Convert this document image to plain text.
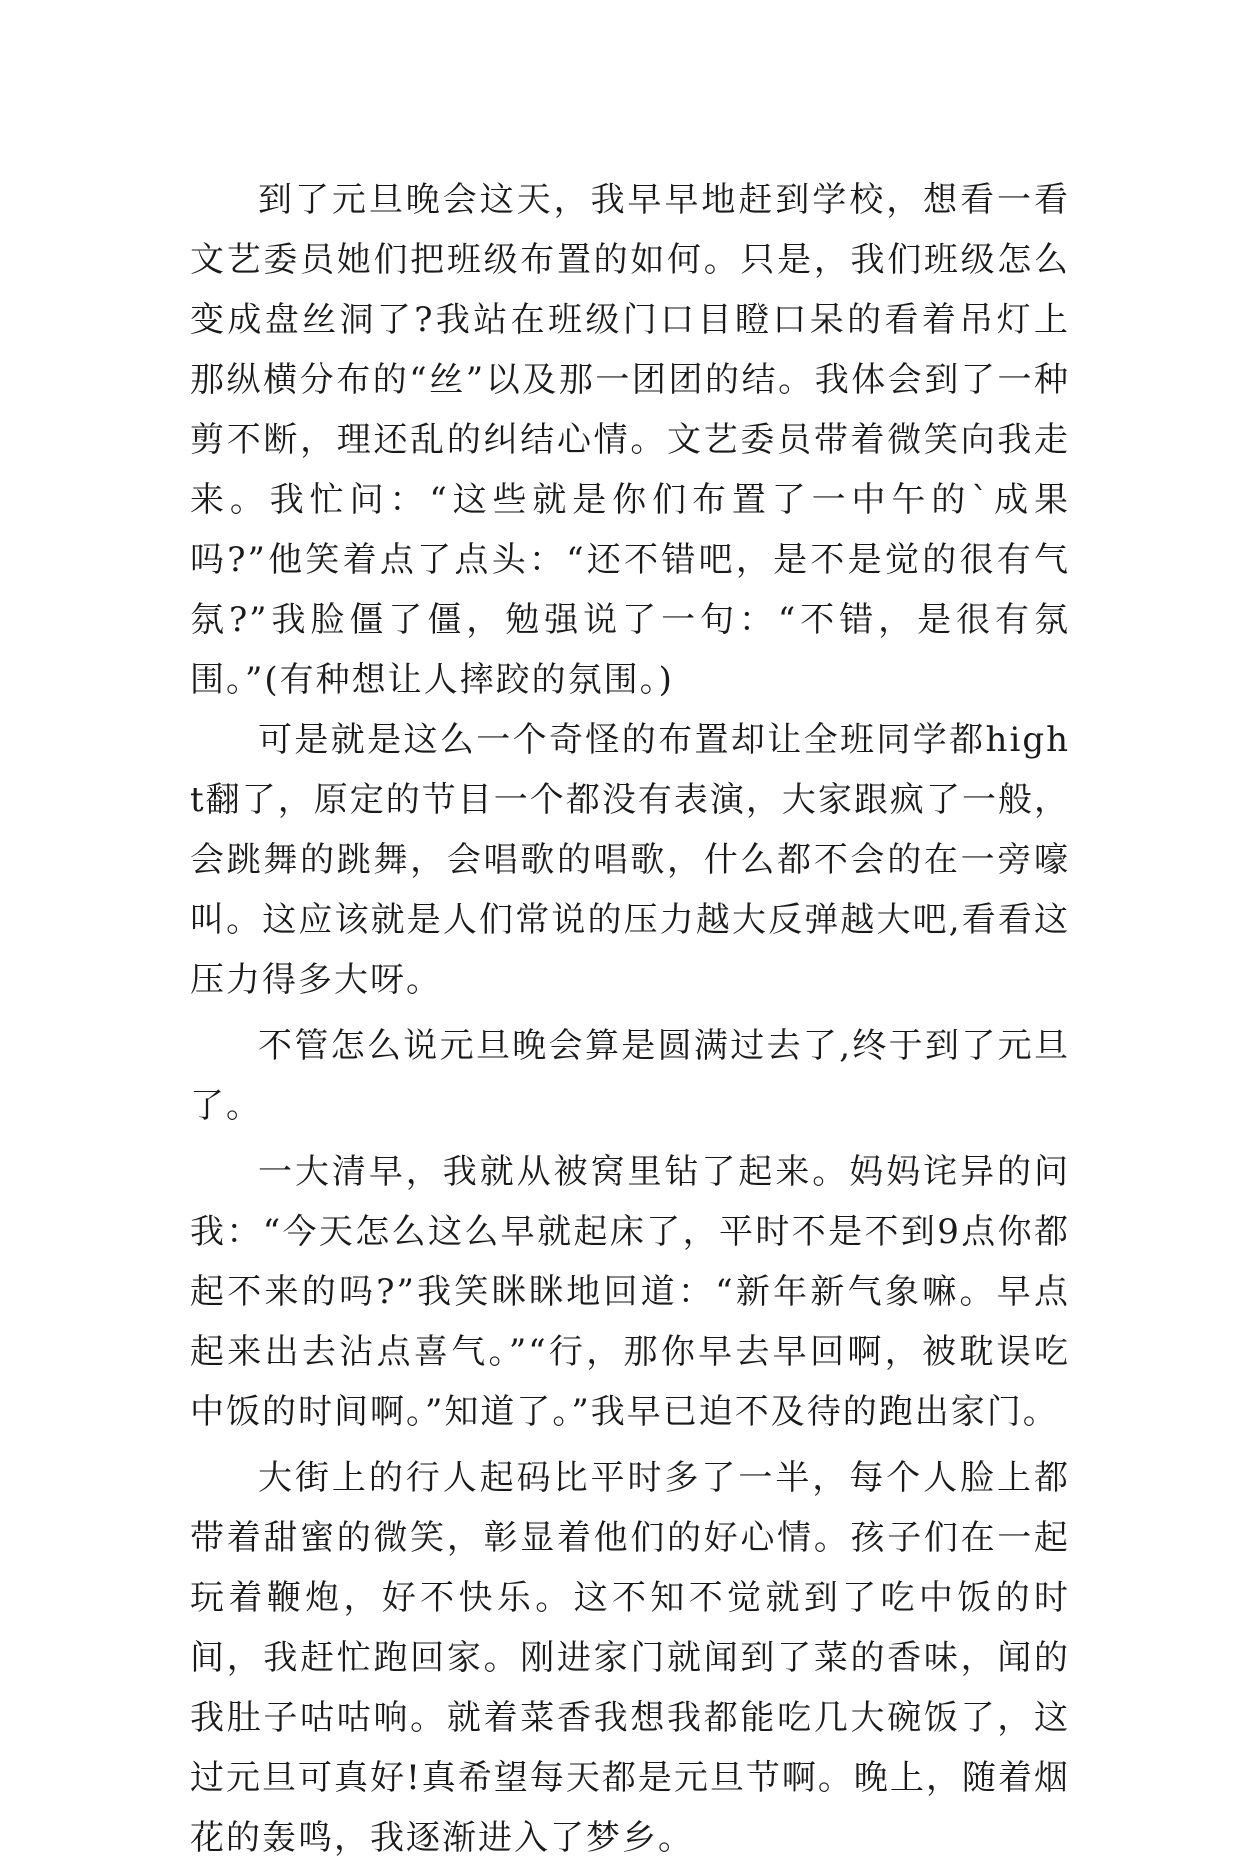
到了元旦晚会这天，我早早地赶到学校，想看一看文艺委员她们把班级布置的如何。只是，我们班级怎么变成盘丝洞了?我站在班级门口目瞪口呆的看着吊灯上那纵横分布的“丝”以及那一团团的结。我体会到了一种剪不断，理还乱的纠结心情。文艺委员带着微笑向我走来。我忙问：“这些就是你们布置了一中午的`成果吗?”他笑着点了点头：“还不错吧，是不是觉的很有气氛?”我脸僵了僵，勉强说了一句：“不错，是很有氛围。”(有种想让人摔跤的氛围。)

可是就是这么一个奇怪的布置却让全班同学都hight翻了，原定的节目一个都没有表演，大家跟疯了一般，会跳舞的跳舞，会唱歌的唱歌，什么都不会的在一旁嚎叫。这应该就是人们常说的压力越大反弹越大吧,看看这压力得多大呀。

不管怎么说元旦晚会算是圆满过去了,终于到了元旦了。

一大清早，我就从被窝里钻了起来。妈妈诧异的问我：“今天怎么这么早就起床了，平时不是不到9点你都起不来的吗?”我笑眯眯地回道：“新年新气象嘛。早点起来出去沾点喜气。”“行，那你早去早回啊，被耽误吃中饭的时间啊。”知道了。”我早已迫不及待的跑出家门。

大街上的行人起码比平时多了一半，每个人脸上都带着甜蜜的微笑，彰显着他们的好心情。孩子们在一起玩着鞭炮，好不快乐。这不知不觉就到了吃中饭的时间，我赶忙跑回家。刚进家门就闻到了菜的香味，闻的我肚子咕咕响。就着菜香我想我都能吃几大碗饭了，这过元旦可真好!真希望每天都是元旦节啊。晚上，随着烟花的轰鸣，我逐渐进入了梦乡。
